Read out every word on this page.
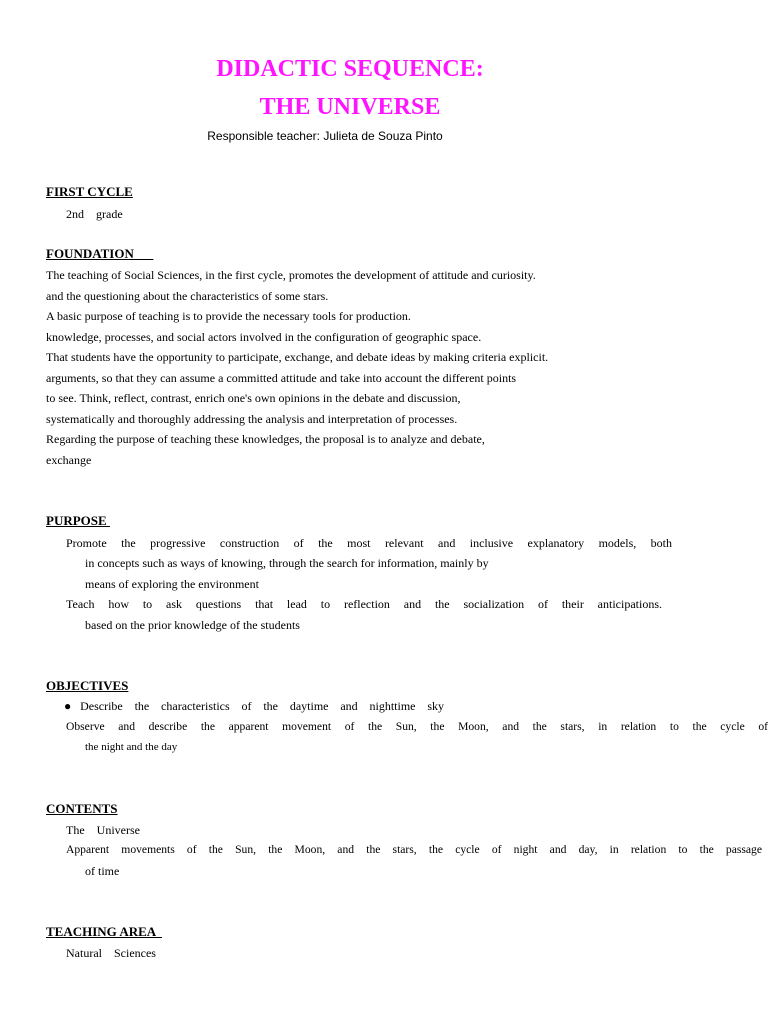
DIDACTIC SEQUENCE:
THE UNIVERSE

Responsible teacher: Julieta de Souza Pinto

FIRST CYCLE

2nd    grade

FOUNDATION

The teaching of Social Sciences, in the first cycle, promotes the development of attitude and curiosity.

and the questioning about the characteristics of some stars.

A basic purpose of teaching is to provide the necessary tools for production.

knowledge, processes, and social actors involved in the configuration of geographic space.

That students have the opportunity to participate, exchange, and debate ideas by making criteria explicit.

arguments, so that they can assume a committed attitude and take into account the different points

to see. Think, reflect, contrast, enrich one's own opinions in the debate and discussion,

systematically and thoroughly addressing the analysis and interpretation of processes.

Regarding the purpose of teaching these knowledges, the proposal is to analyze and debate,

exchange

PURPOSE

Promote the progressive construction of the most relevant and inclusive explanatory models, both

in concepts such as ways of knowing, through the search for information, mainly by

means of exploring the environment

Teach how to ask questions that lead to reflection and the socialization of their anticipations.

based on the prior knowledge of the students

OBJECTIVES

●Describe the characteristics of the daytime and nighttime sky

Observe and describe the apparent movement of the Sun, the Moon, and the stars, in relation to the cycle of

the night and the day

CONTENTS

The    Universe

Apparent movements of the Sun, the Moon, and the stars, the cycle of night and day, in relation to the passage

of time

TEACHING AREA

Natural    Sciences
